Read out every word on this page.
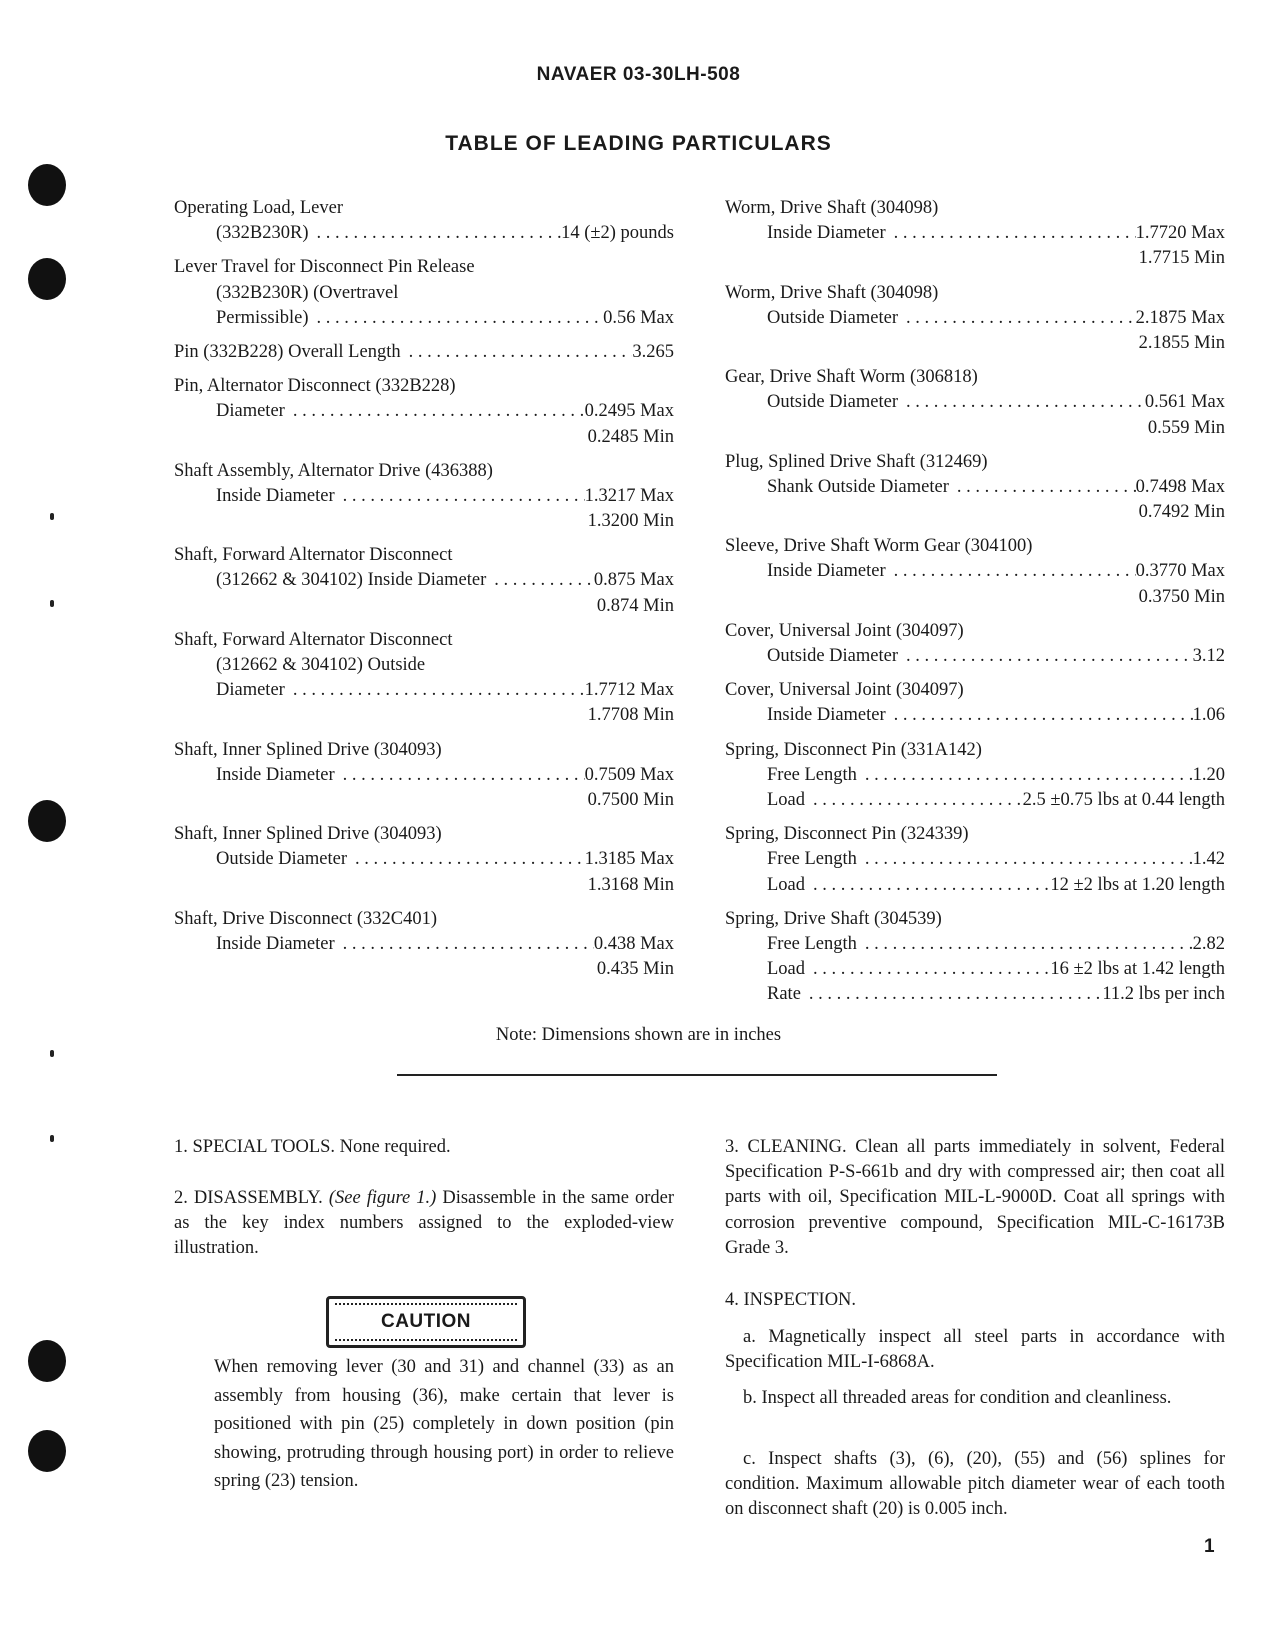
NAVAER 03-30LH-508
TABLE OF LEADING PARTICULARS
Operating Load, Lever
(332B230R) . . .	14 (±2) pounds
Lever Travel for Disconnect Pin Release
(332B230R) (Overtravel
Permissible) . . .	0.56 Max
Pin (332B228) Overall Length . . .	3.265
Pin, Alternator Disconnect (332B228)
Diameter . . .	0.2495 Max
0.2485 Min
Shaft Assembly, Alternator Drive (436388)
Inside Diameter . . .	1.3217 Max
1.3200 Min
Shaft, Forward Alternator Disconnect
(312662 & 304102) Inside Diameter . . .	0.875 Max
0.874 Min
Shaft, Forward Alternator Disconnect
(312662 & 304102) Outside
Diameter . . .	1.7712 Max
1.7708 Min
Shaft, Inner Splined Drive (304093)
Inside Diameter . . .	0.7509 Max
0.7500 Min
Shaft, Inner Splined Drive (304093)
Outside Diameter . . .	1.3185 Max
1.3168 Min
Shaft, Drive Disconnect (332C401)
Inside Diameter . . .	0.438 Max
0.435 Min
Worm, Drive Shaft (304098)
Inside Diameter . . .	1.7720 Max
1.7715 Min
Worm, Drive Shaft (304098)
Outside Diameter . . .	2.1875 Max
2.1855 Min
Gear, Drive Shaft Worm (306818)
Outside Diameter . . .	0.561 Max
0.559 Min
Plug, Splined Drive Shaft (312469)
Shank Outside Diameter . . .	0.7498 Max
0.7492 Min
Sleeve, Drive Shaft Worm Gear (304100)
Inside Diameter . . .	0.3770 Max
0.3750 Min
Cover, Universal Joint (304097)
Outside Diameter . . .	3.12
Cover, Universal Joint (304097)
Inside Diameter . . .	1.06
Spring, Disconnect Pin (331A142)
Free Length . . .	1.20
Load . . .	2.5 ±0.75 lbs at 0.44 length
Spring, Disconnect Pin (324339)
Free Length . . .	1.42
Load . . .	12 ±2 lbs at 1.20 length
Spring, Drive Shaft (304539)
Free Length . . .	2.82
Load . . .	16 ±2 lbs at 1.42 length
Rate . . .	11.2 lbs per inch
Note: Dimensions shown are in inches

1. SPECIAL TOOLS. None required.

2. DISASSEMBLY. (See figure 1.) Disassemble in the same order as the key index numbers assigned to the exploded-view illustration.

CAUTION

When removing lever (30 and 31) and channel (33) as an assembly from housing (36), make certain that lever is positioned with pin (25) completely in down position (pin showing, protruding through housing port) in order to relieve spring (23) tension.

3. CLEANING. Clean all parts immediately in solvent, Federal Specification P-S-661b and dry with compressed air; then coat all parts with oil, Specification MIL-L-9000D. Coat all springs with corrosion preventive compound, Specification MIL-C-16173B Grade 3.

4. INSPECTION.

a. Magnetically inspect all steel parts in accordance with Specification MIL-I-6868A.

b. Inspect all threaded areas for condition and cleanliness.

c. Inspect shafts (3), (6), (20), (55) and (56) splines for condition. Maximum allowable pitch diameter wear of each tooth on disconnect shaft (20) is 0.005 inch.

1
